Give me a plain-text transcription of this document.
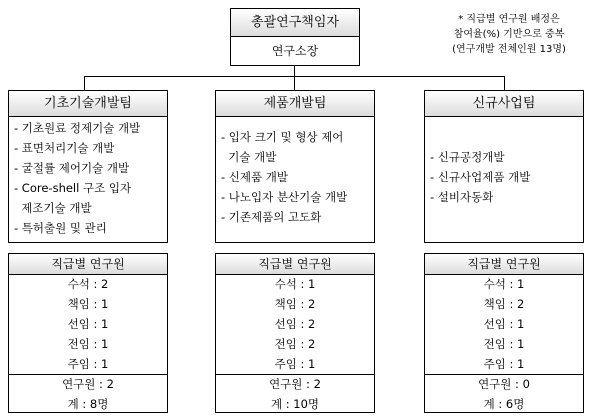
총괄연구책임자
연구소장
* 직급별 연구원 배정은
참여율(%) 기반으로 중복
(연구개발 전체인원 13명)
기초기술개발팀
- 기초원료 정제기술 개발
- 표면처리기술 개발
- 굴절률 제어기술 개발
- Core-shell 구조 입자
제조기술 개발
- 특허출원 및 관리
제품개발팀
- 입자 크기 및 형상 제어
기술 개발
- 신제품 개발
- 나노입자 분산기술 개발
- 기존제품의 고도화
신규사업팀
- 신규공정개발
- 신규사업제품 개발
- 설비자동화
직급별 연구원
수석 : 2
책임 : 1
선임 : 1
전임 : 1
주임 : 1
연구원 : 2
계 : 8명
직급별 연구원
수석 : 1
책임 : 2
선임 : 2
전임 : 2
주임 : 1
연구원 : 2
계 : 10명
직급별 연구원
수석 : 1
책임 : 2
선임 : 1
전임 : 1
주임 : 1
연구원 : 0
계 : 6명
